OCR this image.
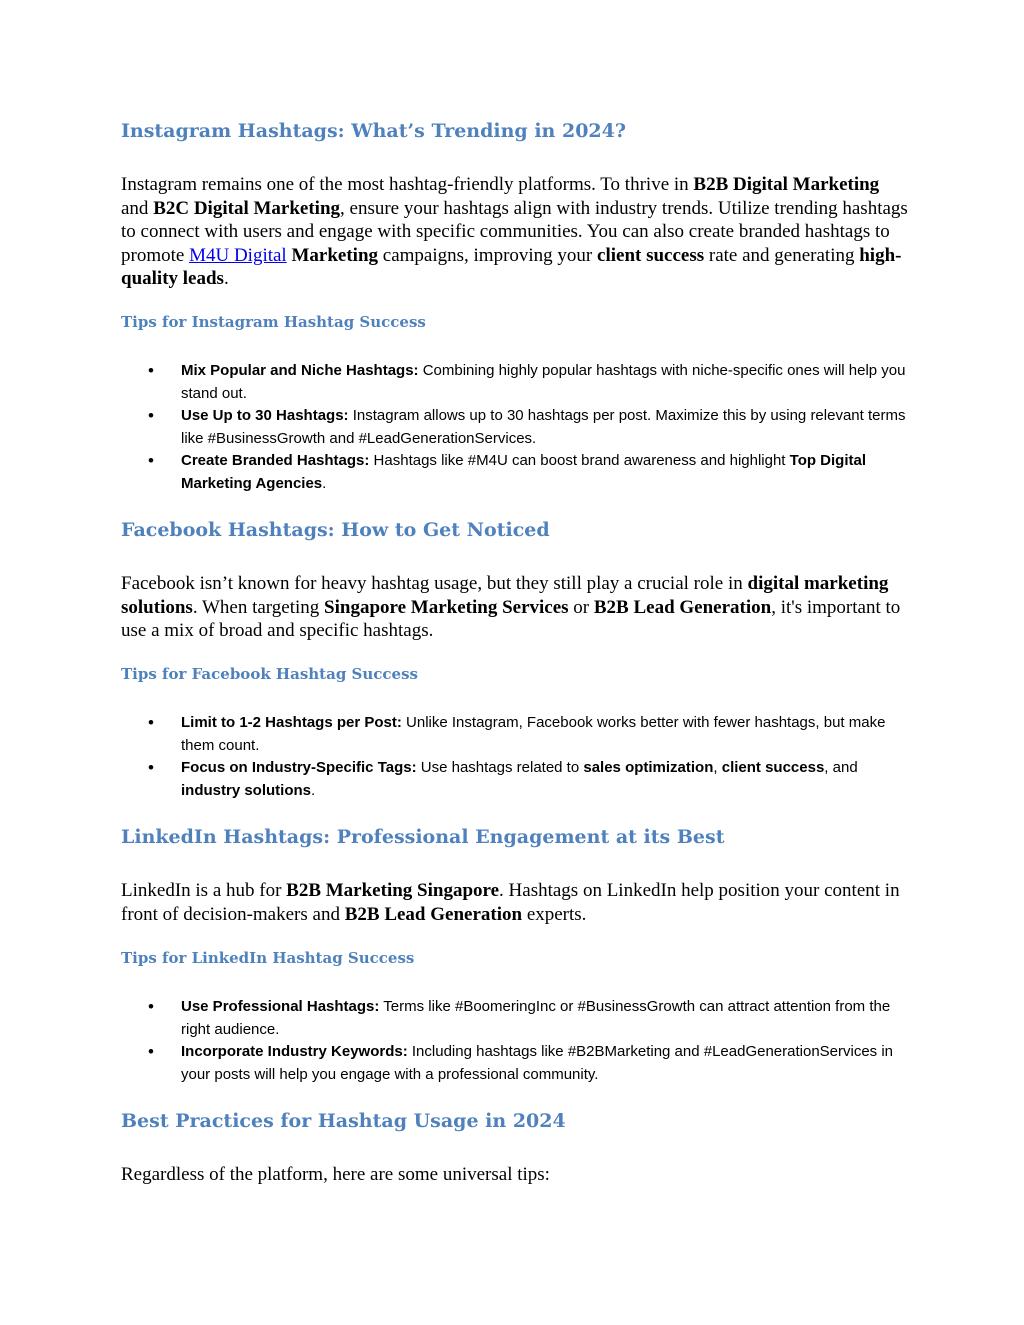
Instagram Hashtags: What’s Trending in 2024?

Instagram remains one of the most hashtag-friendly platforms. To thrive in B2B Digital Marketing and B2C Digital Marketing, ensure your hashtags align with industry trends. Utilize trending hashtags to connect with users and engage with specific communities. You can also create branded hashtags to promote M4U Digital Marketing campaigns, improving your client success rate and generating high-quality leads.

Tips for Instagram Hashtag Success
• Mix Popular and Niche Hashtags: Combining highly popular hashtags with niche-specific ones will help you stand out.
• Use Up to 30 Hashtags: Instagram allows up to 30 hashtags per post. Maximize this by using relevant terms like #BusinessGrowth and #LeadGenerationServices.
• Create Branded Hashtags: Hashtags like #M4U can boost brand awareness and highlight Top Digital Marketing Agencies.
Facebook Hashtags: How to Get Noticed

Facebook isn’t known for heavy hashtag usage, but they still play a crucial role in digital marketing solutions. When targeting Singapore Marketing Services or B2B Lead Generation, it's important to use a mix of broad and specific hashtags.

Tips for Facebook Hashtag Success
• Limit to 1-2 Hashtags per Post: Unlike Instagram, Facebook works better with fewer hashtags, but make them count.
• Focus on Industry-Specific Tags: Use hashtags related to sales optimization, client success, and industry solutions.
LinkedIn Hashtags: Professional Engagement at its Best

LinkedIn is a hub for B2B Marketing Singapore. Hashtags on LinkedIn help position your content in front of decision-makers and B2B Lead Generation experts.

Tips for LinkedIn Hashtag Success
• Use Professional Hashtags: Terms like #BoomeringInc or #BusinessGrowth can attract attention from the right audience.
• Incorporate Industry Keywords: Including hashtags like #B2BMarketing and #LeadGenerationServices in your posts will help you engage with a professional community.
Best Practices for Hashtag Usage in 2024

Regardless of the platform, here are some universal tips:
